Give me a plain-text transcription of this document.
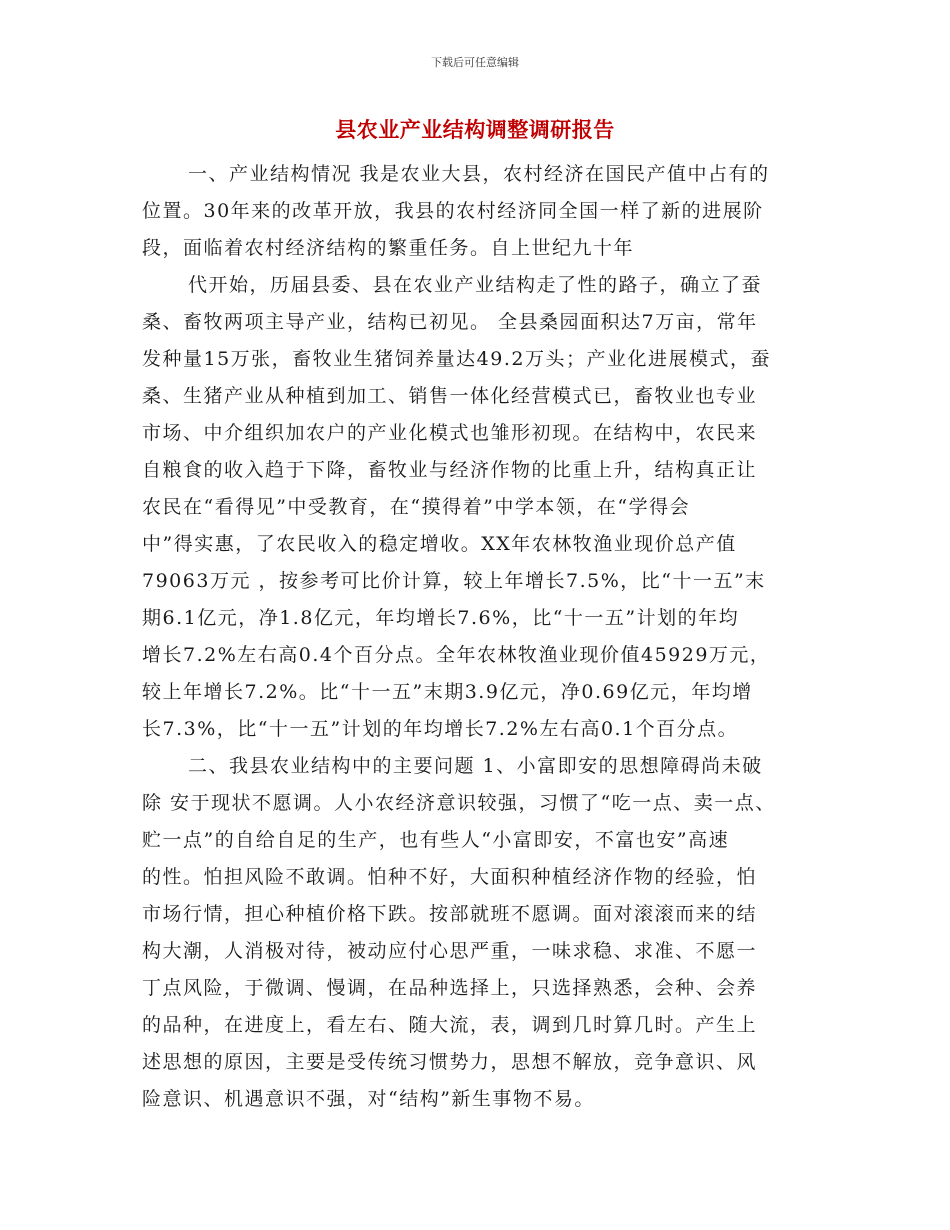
下载后可任意编辑
县农业产业结构调整调研报告
一、产业结构情况 我是农业大县，农村经济在国民产值中占有的
位置。30年来的改革开放，我县的农村经济同全国一样了新的进展阶
段，面临着农村经济结构的繁重任务。自上世纪九十年
代开始，历届县委、县在农业产业结构走了性的路子，确立了蚕
桑、畜牧两项主导产业，结构已初见。 全县桑园面积达7万亩，常年
发种量15万张，畜牧业生猪饲养量达49.2万头；产业化进展模式，蚕
桑、生猪产业从种植到加工、销售一体化经营模式已，畜牧业也专业
市场、中介组织加农户的产业化模式也雏形初现。在结构中，农民来
自粮食的收入趋于下降，畜牧业与经济作物的比重上升，结构真正让
农民在“看得见”中受教育，在“摸得着”中学本领，在“学得会
中”得实惠，了农民收入的稳定增收。XX年农林牧渔业现价总产值
79063万元 ，按参考可比价计算，较上年增长7.5%，比“十一五”末
期6.1亿元，净1.8亿元，年均增长7.6%，比“十一五”计划的年均
增长7.2%左右高0.4个百分点。全年农林牧渔业现价值45929万元，
较上年增长7.2%。比“十一五”末期3.9亿元，净0.69亿元，年均增
长7.3%，比“十一五”计划的年均增长7.2%左右高0.1个百分点。
二、我县农业结构中的主要问题 1、小富即安的思想障碍尚未破
除 安于现状不愿调。人小农经济意识较强，习惯了“吃一点、卖一点、
贮一点”的自给自足的生产，也有些人“小富即安，不富也安”高速
的性。怕担风险不敢调。怕种不好，大面积种植经济作物的经验，怕
市场行情，担心种植价格下跌。按部就班不愿调。面对滚滚而来的结
构大潮，人消极对待，被动应付心思严重，一味求稳、求准、不愿一
丁点风险，于微调、慢调，在品种选择上，只选择熟悉，会种、会养
的品种，在进度上，看左右、随大流，表，调到几时算几时。产生上
述思想的原因，主要是受传统习惯势力，思想不解放，竞争意识、风
险意识、机遇意识不强，对“结构”新生事物不易。
